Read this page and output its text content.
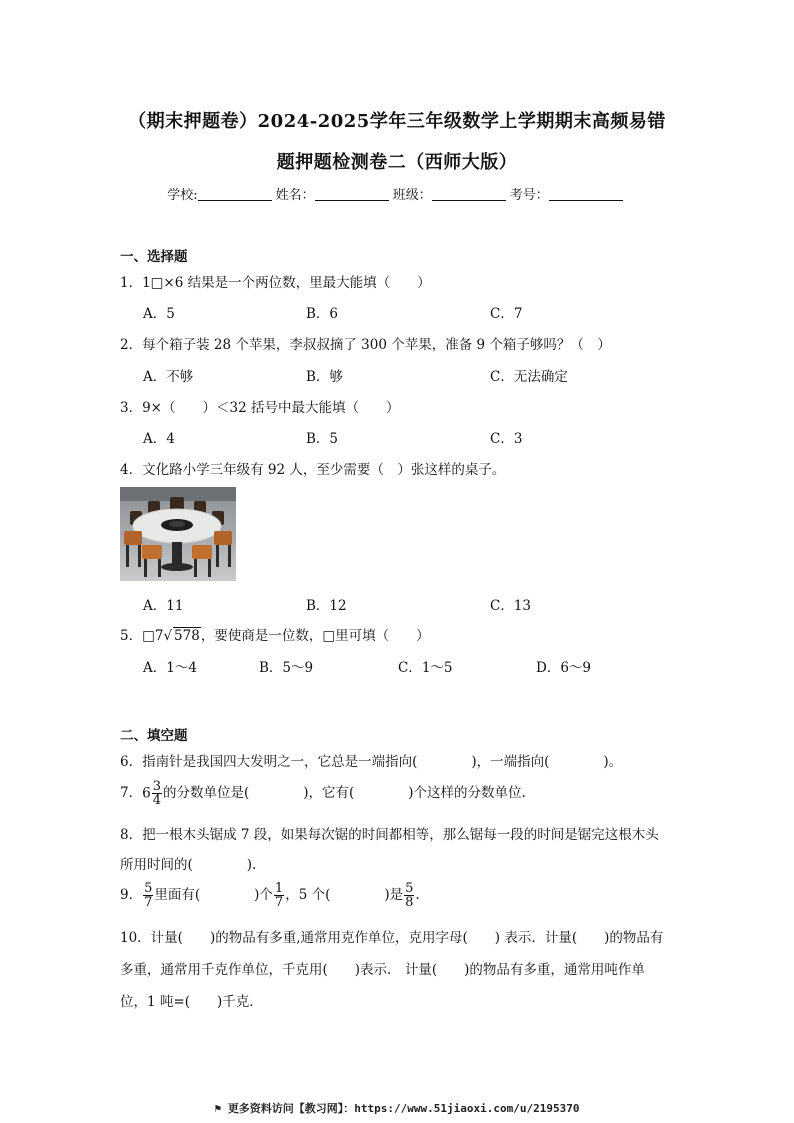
（期末押题卷）2024-2025学年三年级数学上学期期末高频易错
题押题检测卷二（西师大版）
学校:	姓名：	班级：	考号：
一、选择题
1．1□×6 结果是一个两位数，里最大能填（　　）
A．5	B．6	C．7
2．每个箱子装 28 个苹果，李叔叔摘了 300 个苹果，准备 9 个箱子够吗？（　）
A．不够	B．够	C．无法确定
3．9×（　　）＜32 括号中最大能填（　　）
A．4	B．5	C．3
4．文化路小学三年级有 92 人，至少需要（　）张这样的桌子。
A．11	B．12	C．13
5．□7√ 578，要使商是一位数，□里可填（　　）
A．1～4	B．5～9	C．1～5	D．6～9
二、填空题
6．指南针是我国四大发明之一，它总是一端指向(　　　　)，一端指向(　　　　)。
7．$6 \frac{3}{4}$ 的分数单位是(　　　　)，它有(　　　　)个这样的分数单位.
8．把一根木头锯成 7 段，如果每次锯的时间都相等，那么锯每一段的时间是锯完这根木头
所用时间的(　　　　).
9． $\frac{5}{7}$ 里面有(　　　　)个 $\frac{1}{7}$ ，5 个(　　　　)是 $\frac{5}{8}$ .
10．计量(　　)的物品有多重,通常用克作单位，克用字母(　　) 表示．计量(　　)的物品有
多重，通常用千克作单位，千克用(　　)表示． 计量(　　)的物品有多重，通常用吨作单
位，1 吨=(　　)千克．
⚑ 更多资料访问【教习网】：https://www.51jiaoxi.com/u/2195370
